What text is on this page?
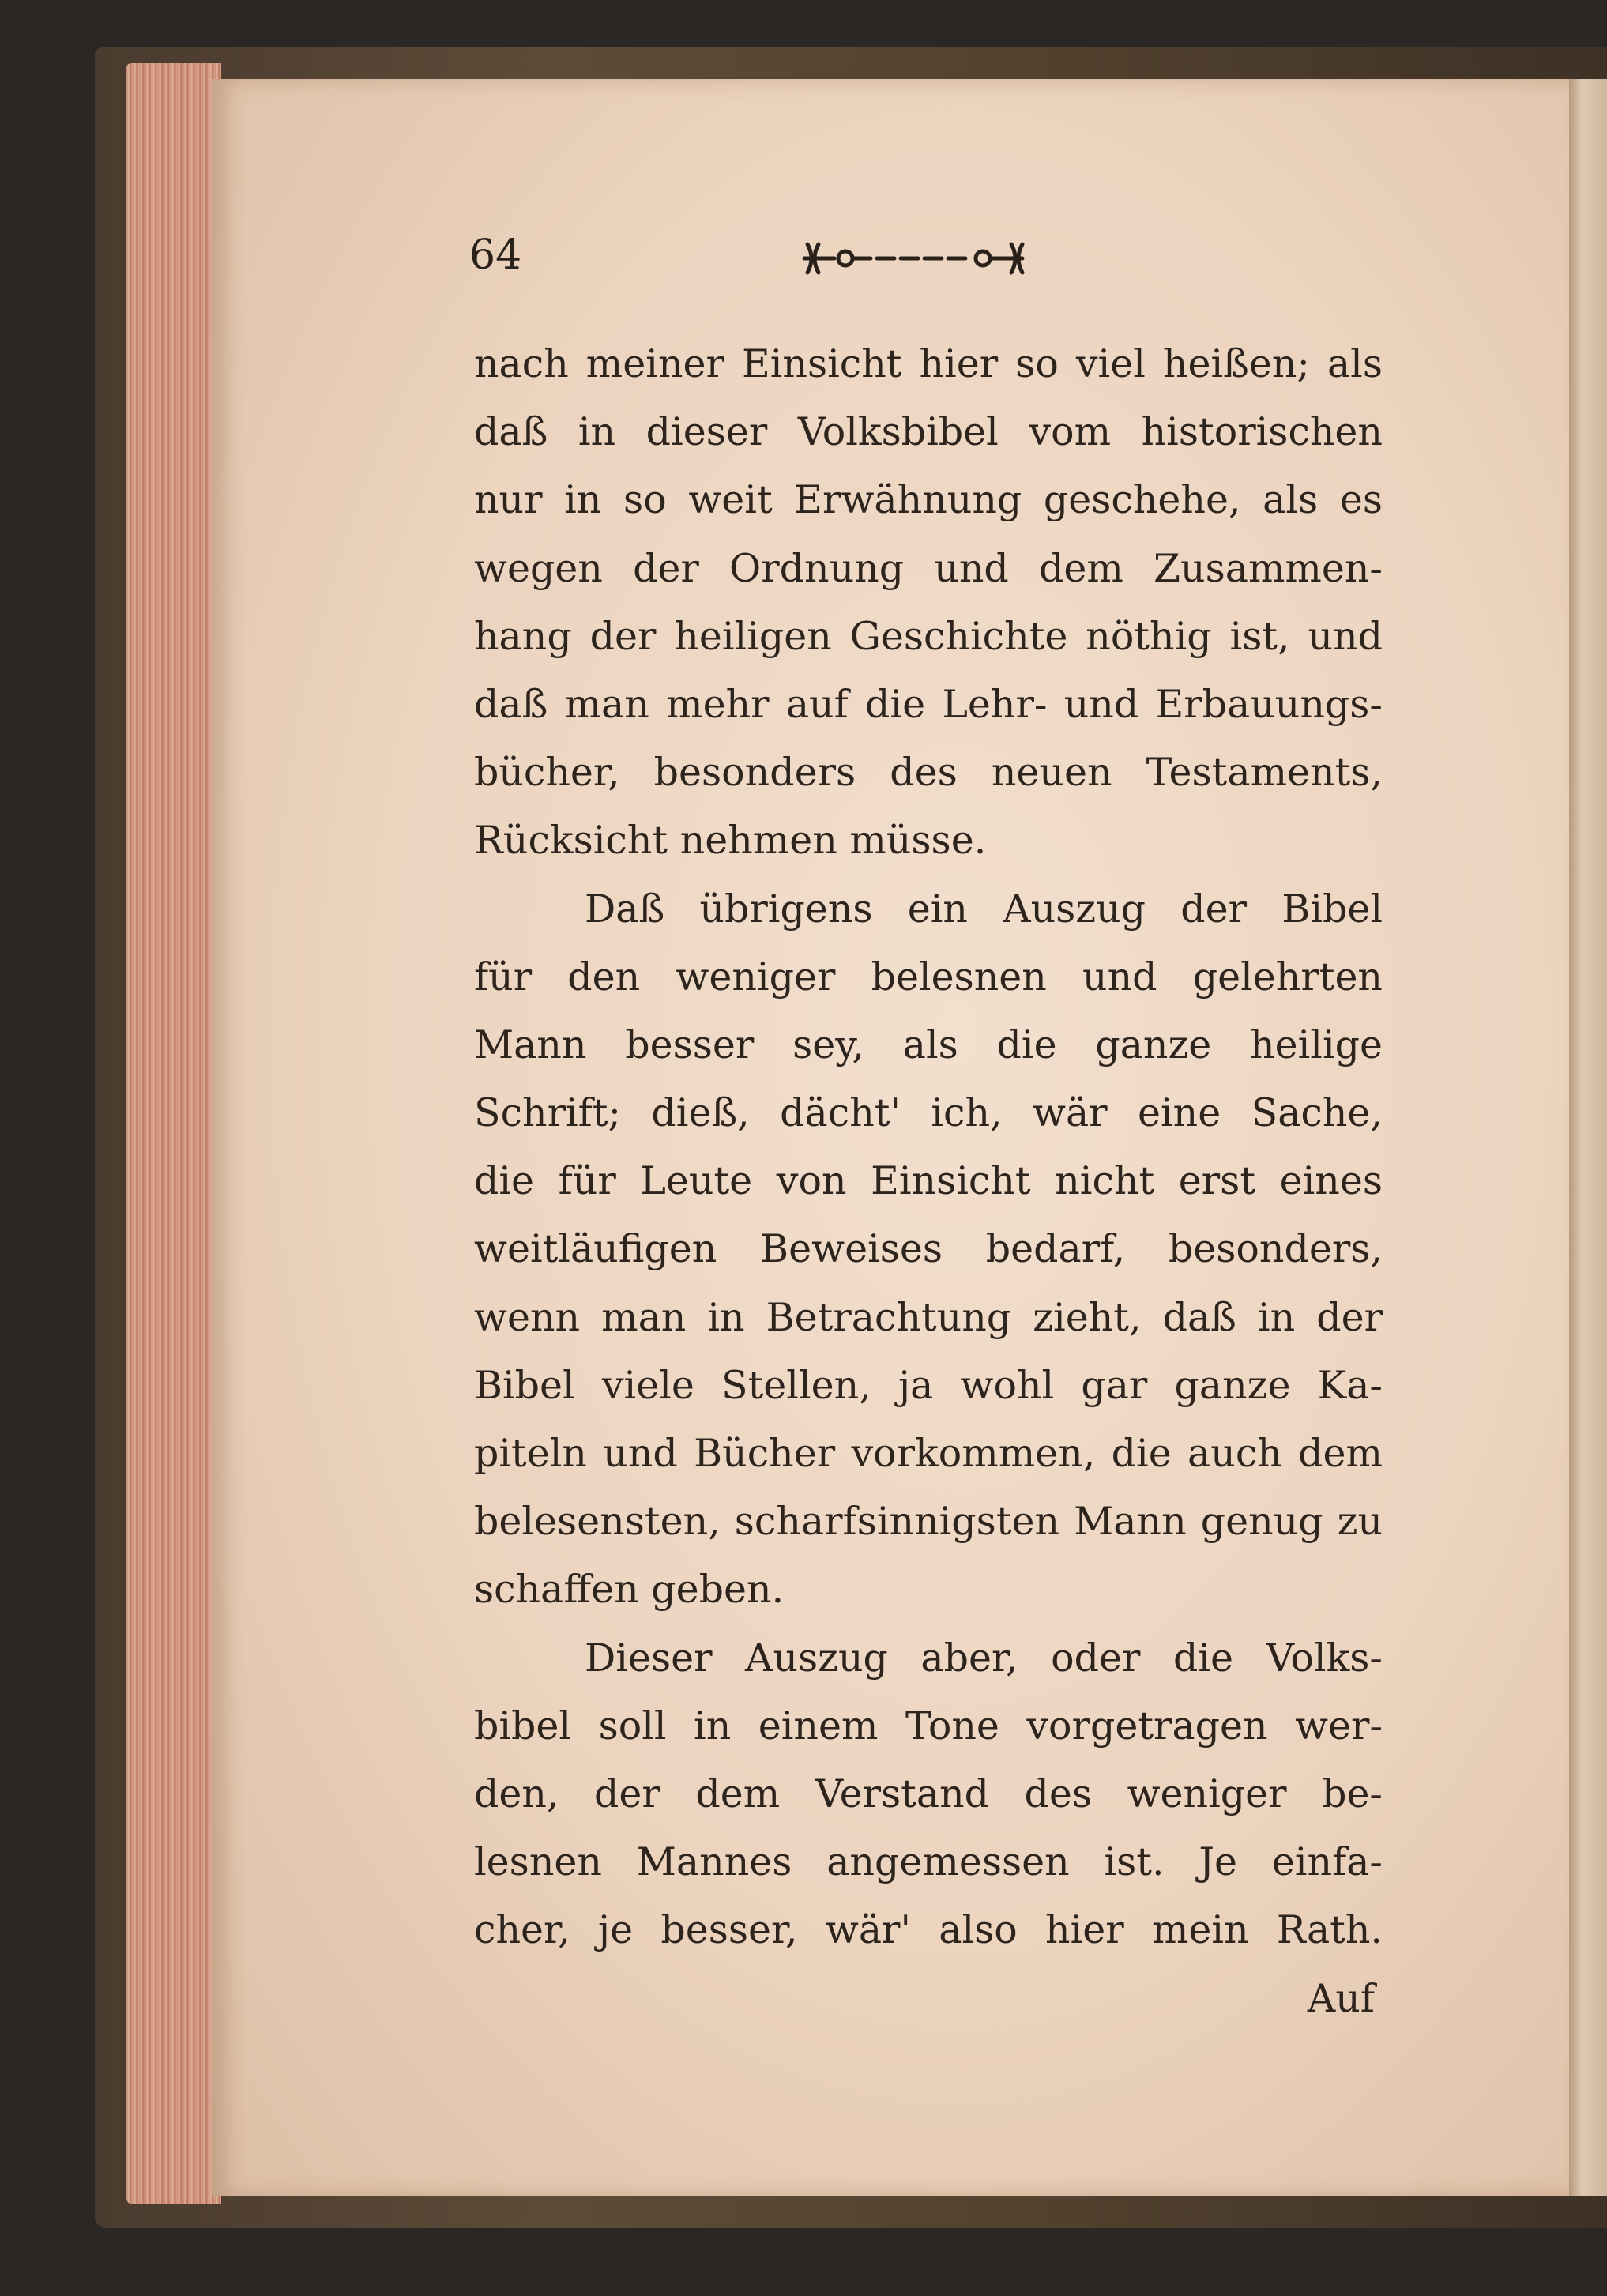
64
nach meiner Einsicht hier so viel heißen; als
daß in dieser Volksbibel vom historischen
nur in so weit Erwähnung geschehe, als es
wegen der Ordnung und dem Zusammen-
hang der heiligen Geschichte nöthig ist, und
daß man mehr auf die Lehr- und Erbauungs-
bücher, besonders des neuen Testaments,
Rücksicht nehmen müsse.
Daß übrigens ein Auszug der Bibel
für den weniger belesnen und gelehrten
Mann besser sey, als die ganze heilige
Schrift; dieß, dächt' ich, wär eine Sache,
die für Leute von Einsicht nicht erst eines
weitläufigen Beweises bedarf, besonders,
wenn man in Betrachtung zieht, daß in der
Bibel viele Stellen, ja wohl gar ganze Ka-
piteln und Bücher vorkommen, die auch dem
belesensten, scharfsinnigsten Mann genug zu
schaffen geben.
Dieser Auszug aber, oder die Volks-
bibel soll in einem Tone vorgetragen wer-
den, der dem Verstand des weniger be-
lesnen Mannes angemessen ist. Je einfa-
cher, je besser, wär' also hier mein Rath.
Auf
